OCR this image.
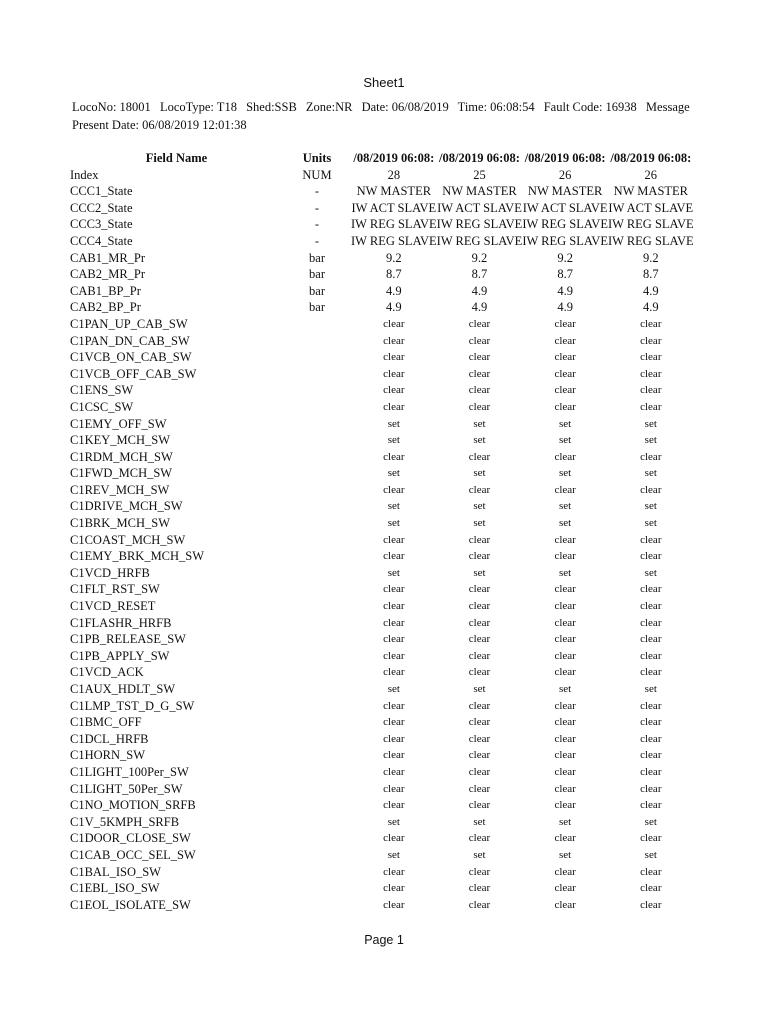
Sheet1
LocoNo: 18001 LocoType: T18 Shed:SSB Zone:NR Date: 06/08/2019 Time: 06:08:54 Fault Code: 16938 Message
Present Date: 06/08/2019 12:01:38
Field Name	Units	/08/2019 06:08:	/08/2019 06:08:	/08/2019 06:08:	/08/2019 06:08:
Index	NUM	28	25	26	26
CCC1_State	-	NW MASTER	NW MASTER	NW MASTER	NW MASTER
CCC2_State	-	IW ACT SLAVE	IW ACT SLAVE	IW ACT SLAVE	IW ACT SLAVE
CCC3_State	-	IW REG SLAVE	IW REG SLAVE	IW REG SLAVE	IW REG SLAVE
CCC4_State	-	IW REG SLAVE	IW REG SLAVE	IW REG SLAVE	IW REG SLAVE
CAB1_MR_Pr	bar	9.2	9.2	9.2	9.2
CAB2_MR_Pr	bar	8.7	8.7	8.7	8.7
CAB1_BP_Pr	bar	4.9	4.9	4.9	4.9
CAB2_BP_Pr	bar	4.9	4.9	4.9	4.9
C1PAN_UP_CAB_SW		clear	clear	clear	clear
C1PAN_DN_CAB_SW		clear	clear	clear	clear
C1VCB_ON_CAB_SW		clear	clear	clear	clear
C1VCB_OFF_CAB_SW		clear	clear	clear	clear
C1ENS_SW		clear	clear	clear	clear
C1CSC_SW		clear	clear	clear	clear
C1EMY_OFF_SW		set	set	set	set
C1KEY_MCH_SW		set	set	set	set
C1RDM_MCH_SW		clear	clear	clear	clear
C1FWD_MCH_SW		set	set	set	set
C1REV_MCH_SW		clear	clear	clear	clear
C1DRIVE_MCH_SW		set	set	set	set
C1BRK_MCH_SW		set	set	set	set
C1COAST_MCH_SW		clear	clear	clear	clear
C1EMY_BRK_MCH_SW		clear	clear	clear	clear
C1VCD_HRFB		set	set	set	set
C1FLT_RST_SW		clear	clear	clear	clear
C1VCD_RESET		clear	clear	clear	clear
C1FLASHR_HRFB		clear	clear	clear	clear
C1PB_RELEASE_SW		clear	clear	clear	clear
C1PB_APPLY_SW		clear	clear	clear	clear
C1VCD_ACK		clear	clear	clear	clear
C1AUX_HDLT_SW		set	set	set	set
C1LMP_TST_D_G_SW		clear	clear	clear	clear
C1BMC_OFF		clear	clear	clear	clear
C1DCL_HRFB		clear	clear	clear	clear
C1HORN_SW		clear	clear	clear	clear
C1LIGHT_100Per_SW		clear	clear	clear	clear
C1LIGHT_50Per_SW		clear	clear	clear	clear
C1NO_MOTION_SRFB		clear	clear	clear	clear
C1V_5KMPH_SRFB		set	set	set	set
C1DOOR_CLOSE_SW		clear	clear	clear	clear
C1CAB_OCC_SEL_SW		set	set	set	set
C1BAL_ISO_SW		clear	clear	clear	clear
C1EBL_ISO_SW		clear	clear	clear	clear
C1EOL_ISOLATE_SW		clear	clear	clear	clear
Page 1
